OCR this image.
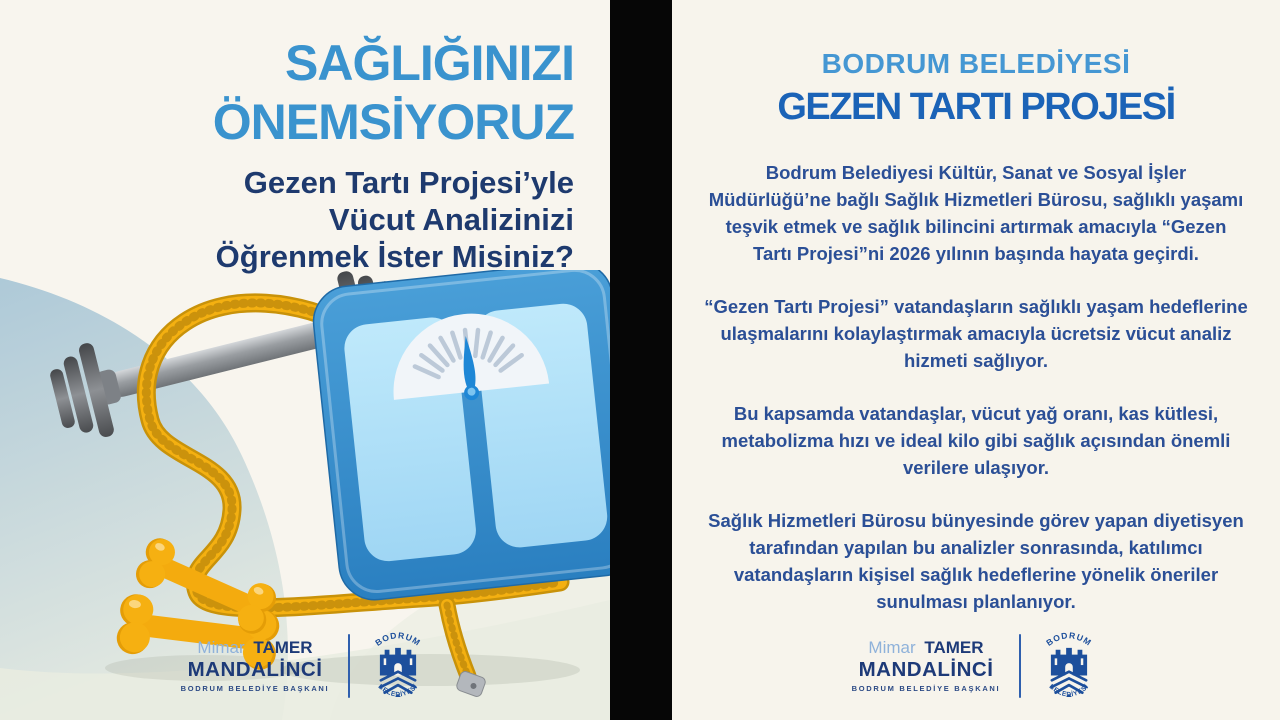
SAĞLIĞINIZI
ÖNEMSİYORUZ
Gezen Tartı Projesi’yle
Vücut Analizinizi
Öğrenmek İster Misiniz?
Mimar TAMER
MANDALİNCİ
BODRUM BELEDİYE BAŞKANI
BODRUM
BELEDİYESİ
BODRUM BELEDİYESİ
GEZEN TARTI PROJESİ

Bodrum Belediyesi Kültür, Sanat ve Sosyal İşler Müdürlüğü’ne bağlı Sağlık Hizmetleri Bürosu, sağlıklı yaşamı teşvik etmek ve sağlık bilincini artırmak amacıyla “Gezen Tartı Projesi”ni 2026 yılının başında hayata geçirdi.

“Gezen Tartı Projesi” vatandaşların sağlıklı yaşam hedeflerine ulaşmalarını kolaylaştırmak amacıyla ücretsiz vücut analiz hizmeti sağlıyor.

Bu kapsamda vatandaşlar, vücut yağ oranı, kas kütlesi, metabolizma hızı ve ideal kilo gibi sağlık açısından önemli verilere ulaşıyor.

Sağlık Hizmetleri Bürosu bünyesinde görev yapan diyetisyen tarafından yapılan bu analizler sonrasında, katılımcı vatandaşların kişisel sağlık hedeflerine yönelik öneriler sunulması planlanıyor.

Mimar TAMER
MANDALİNCİ
BODRUM BELEDİYE BAŞKANI
BODRUM
BELEDİYESİ
